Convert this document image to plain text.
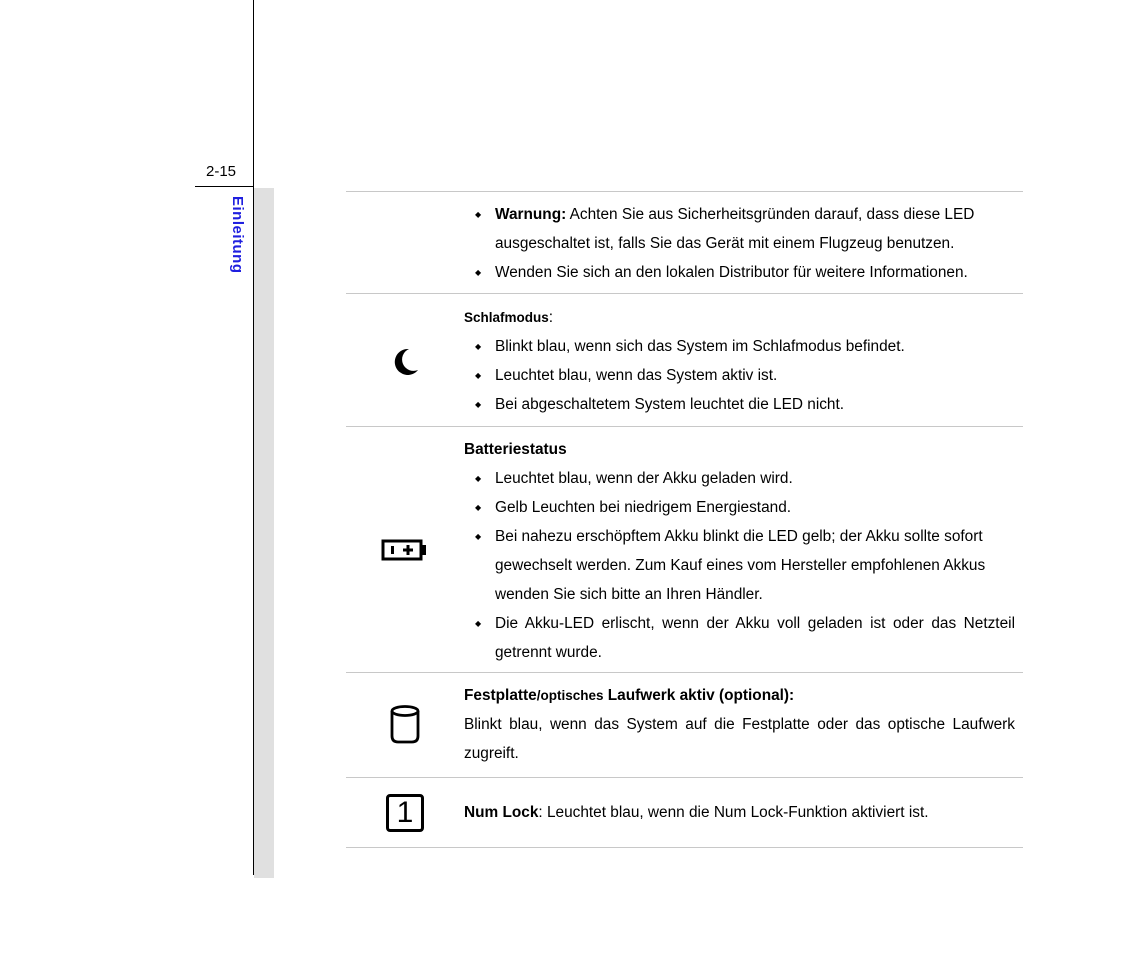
2-15
Einleitung
◆	Warnung: Achten Sie aus Sicherheitsgründen darauf, dass diese LED ausgeschaltet ist, falls Sie das Gerät mit einem Flugzeug benutzen.
◆ Wenden Sie sich an den lokalen Distributor für weitere Informationen.
Schlafmodus:
◆ Blinkt blau, wenn sich das System im Schlafmodus befindet.
◆ Leuchtet blau, wenn das System aktiv ist.
◆ Bei abgeschaltetem System leuchtet die LED nicht.
Batteriestatus
◆ Leuchtet blau, wenn der Akku geladen wird.
◆ Gelb Leuchten bei niedrigem Energiestand.
◆ Bei nahezu erschöpftem Akku blinkt die LED gelb; der Akku sollte sofort gewechselt werden. Zum Kauf eines vom Hersteller empfohlenen Akkus wenden Sie sich bitte an Ihren Händler.
◆ Die Akku-LED erlischt, wenn der Akku voll geladen ist oder das Netzteil getrennt wurde.
Festplatte/optisches Laufwerk aktiv (optional):
Blinkt blau, wenn das System auf die Festplatte oder das optische Laufwerk zugreift.
1	Num Lock: Leuchtet blau, wenn die Num Lock-Funktion aktiviert ist.
